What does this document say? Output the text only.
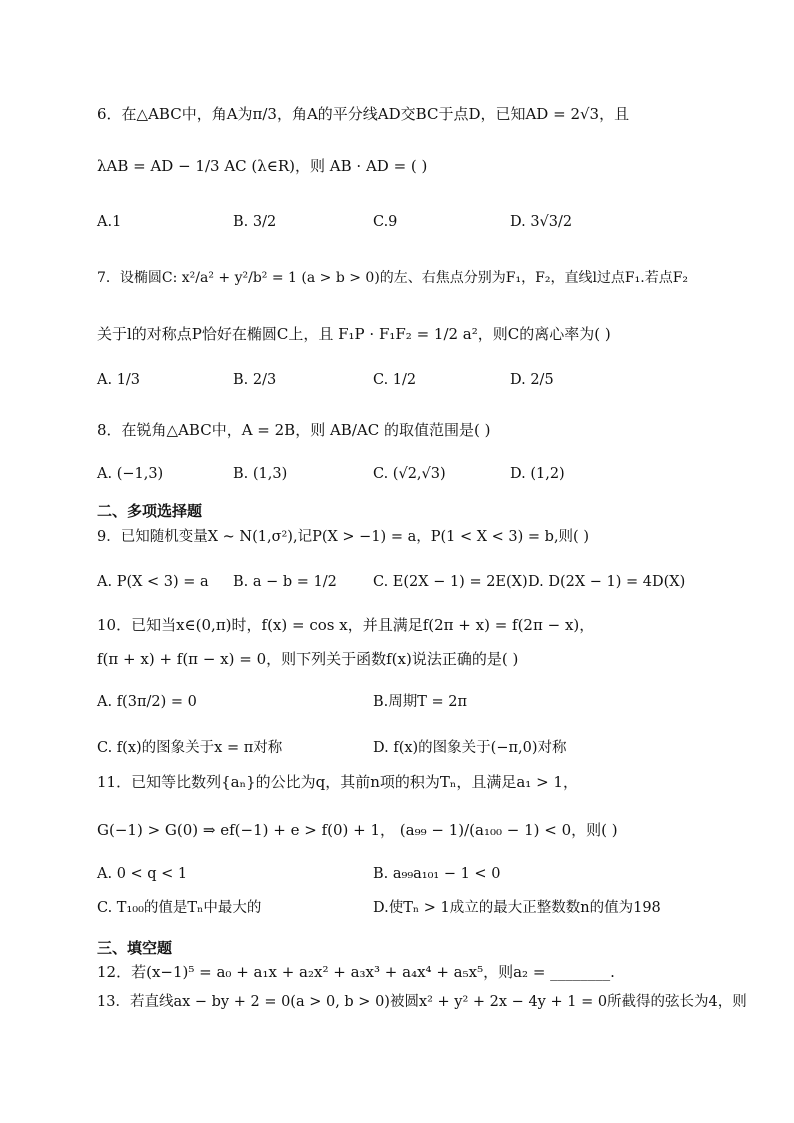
6．在△ABC中，角A为π/3，角A的平分线AD交BC于点D，已知AD = 2√3，且
λAB = AD − 1/3 AC (λ∈R)，则 AB · AD = ( )
A.1	B. 3/2	C.9	D. 3√3/2
7．设椭圆C: x²/a² + y²/b² = 1 (a > b > 0)的左、右焦点分别为F₁，F₂，直线l过点F₁.若点F₂
关于l的对称点P恰好在椭圆C上，且 F₁P · F₁F₂ = 1/2 a²，则C的离心率为( )
A. 1/3	B. 2/3	C. 1/2	D. 2/5
8．在锐角△ABC中，A = 2B，则 AB/AC 的取值范围是( )
A. (−1,3)	B. (1,3)	C. (√2,√3)	D. (1,2)
二、多项选择题
9．已知随机变量X ~ N(1,σ²),记P(X > −1) = a，P(1 < X < 3) = b,则( )
A. P(X < 3) = a B. a − b = 1/2 C. E(2X − 1) = 2E(X) D. D(2X − 1) = 4D(X)
10．已知当x∈(0,π)时，f(x) = cos x，并且满足f(2π + x) = f(2π − x)，
f(π + x) + f(π − x) = 0，则下列关于函数f(x)说法正确的是( )
A. f(3π/2) = 0	B.周期T = 2π
C. f(x)的图象关于x = π对称	D. f(x)的图象关于(−π,0)对称
11．已知等比数列{aₙ}的公比为q，其前n项的积为Tₙ，且满足a₁ > 1，
G(−1) > G(0) ⇒ ef(−1) + e > f(0) + 1， (a₉₉ − 1)/(a₁₀₀ − 1) < 0，则( )
A. 0 < q < 1	B. a₉₉a₁₀₁ − 1 < 0
C. T₁₀₀的值是Tₙ中最大的	D.使Tₙ > 1成立的最大正整数数n的值为198
三、填空题
12．若(x−1)⁵ = a₀ + a₁x + a₂x² + a₃x³ + a₄x⁴ + a₅x⁵，则a₂ = ________.
13．若直线ax − by + 2 = 0(a > 0, b > 0)被圆x² + y² + 2x − 4y + 1 = 0所截得的弦长为4，则
